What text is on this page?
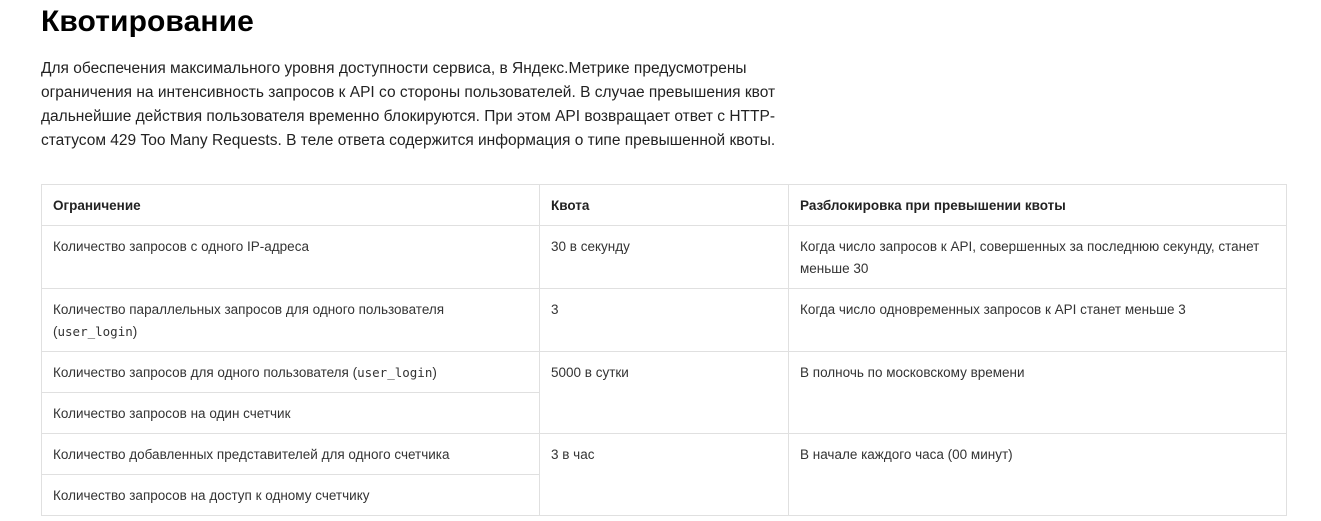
Квотирование

Для обеспечения максимального уровня доступности сервиса, в Яндекс.Метрике предусмотрены ограничения на интенсивность запросов к API со стороны пользователей. В случае превышения квот дальнейшие действия пользователя временно блокируются. При этом API возвращает ответ с HTTP-статусом 429 Too Many Requests. В теле ответа содержится информация о типе превышенной квоты.

Ограничение	Квота	Разблокировка при превышении квоты
Количество запросов с одного IP-адреса	30 в секунду	Когда число запросов к API, совершенных за последнюю секунду, станет меньше 30
Количество параллельных запросов для одного пользователя (user_login)	3	Когда число одновременных запросов к API станет меньше 3
Количество запросов для одного пользователя (user_login)	5000 в сутки	В полночь по московскому времени
Количество запросов на один счетчик		
Количество добавленных представителей для одного счетчика	3 в час	В начале каждого часа (00 минут)
Количество запросов на доступ к одному счетчику		
